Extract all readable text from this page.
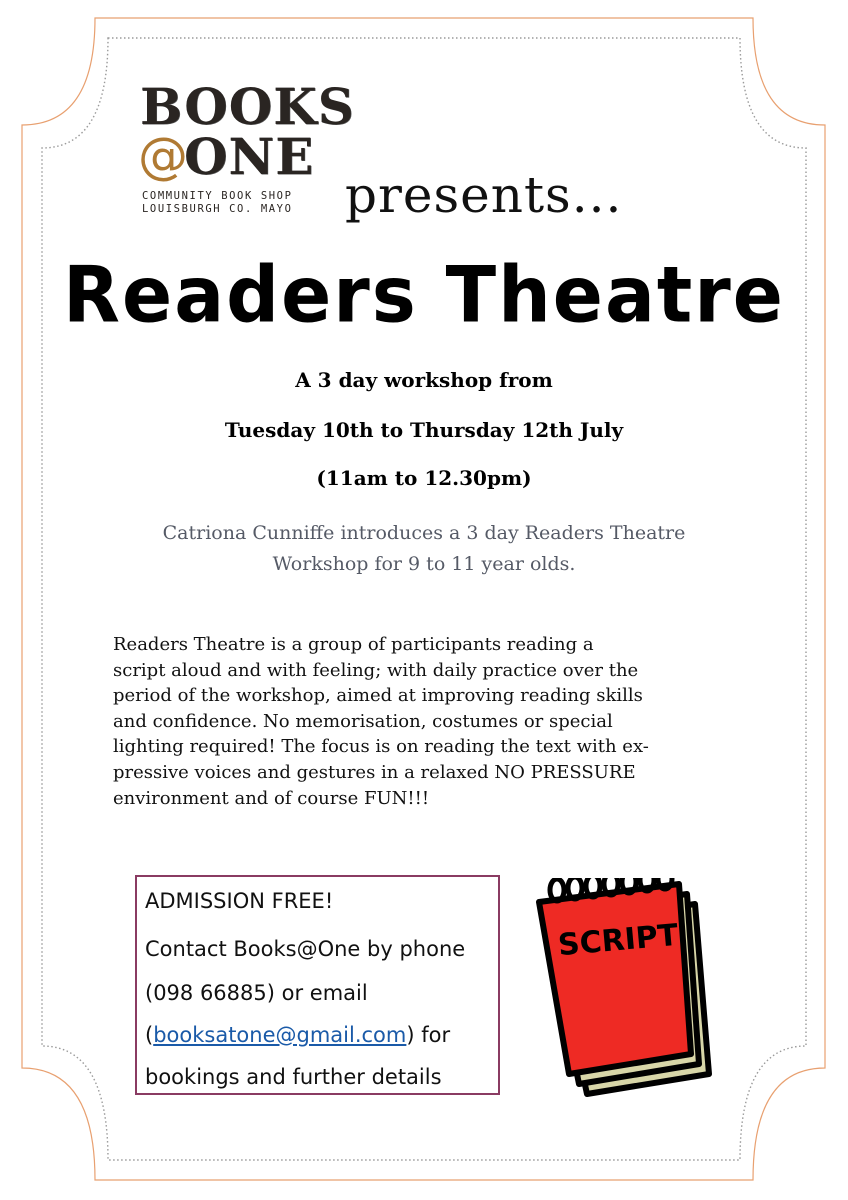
BOOKS
@
ONE
COMMUNITY BOOK SHOP
LOUISBURGH CO. MAYO	presents...
Readers Theatre
A 3 day workshop from
Tuesday 10th to Thursday 12th July
(11am to 12.30pm)
Catriona Cunniffe introduces a 3 day Readers Theatre
Workshop for 9 to 11 year olds.
Readers Theatre is a group of participants reading a
script aloud and with feeling; with daily practice over the
period of the workshop, aimed at improving reading skills
and confidence. No memorisation, costumes or special
lighting required! The focus is on reading the text with ex-
pressive voices and gestures in a relaxed NO PRESSURE
environment and of course FUN!!!
ADMISSION FREE!
Contact Books@One by phone
(098 66885) or email
(booksatone@gmail.com) for
bookings and further details
SCRIPT
